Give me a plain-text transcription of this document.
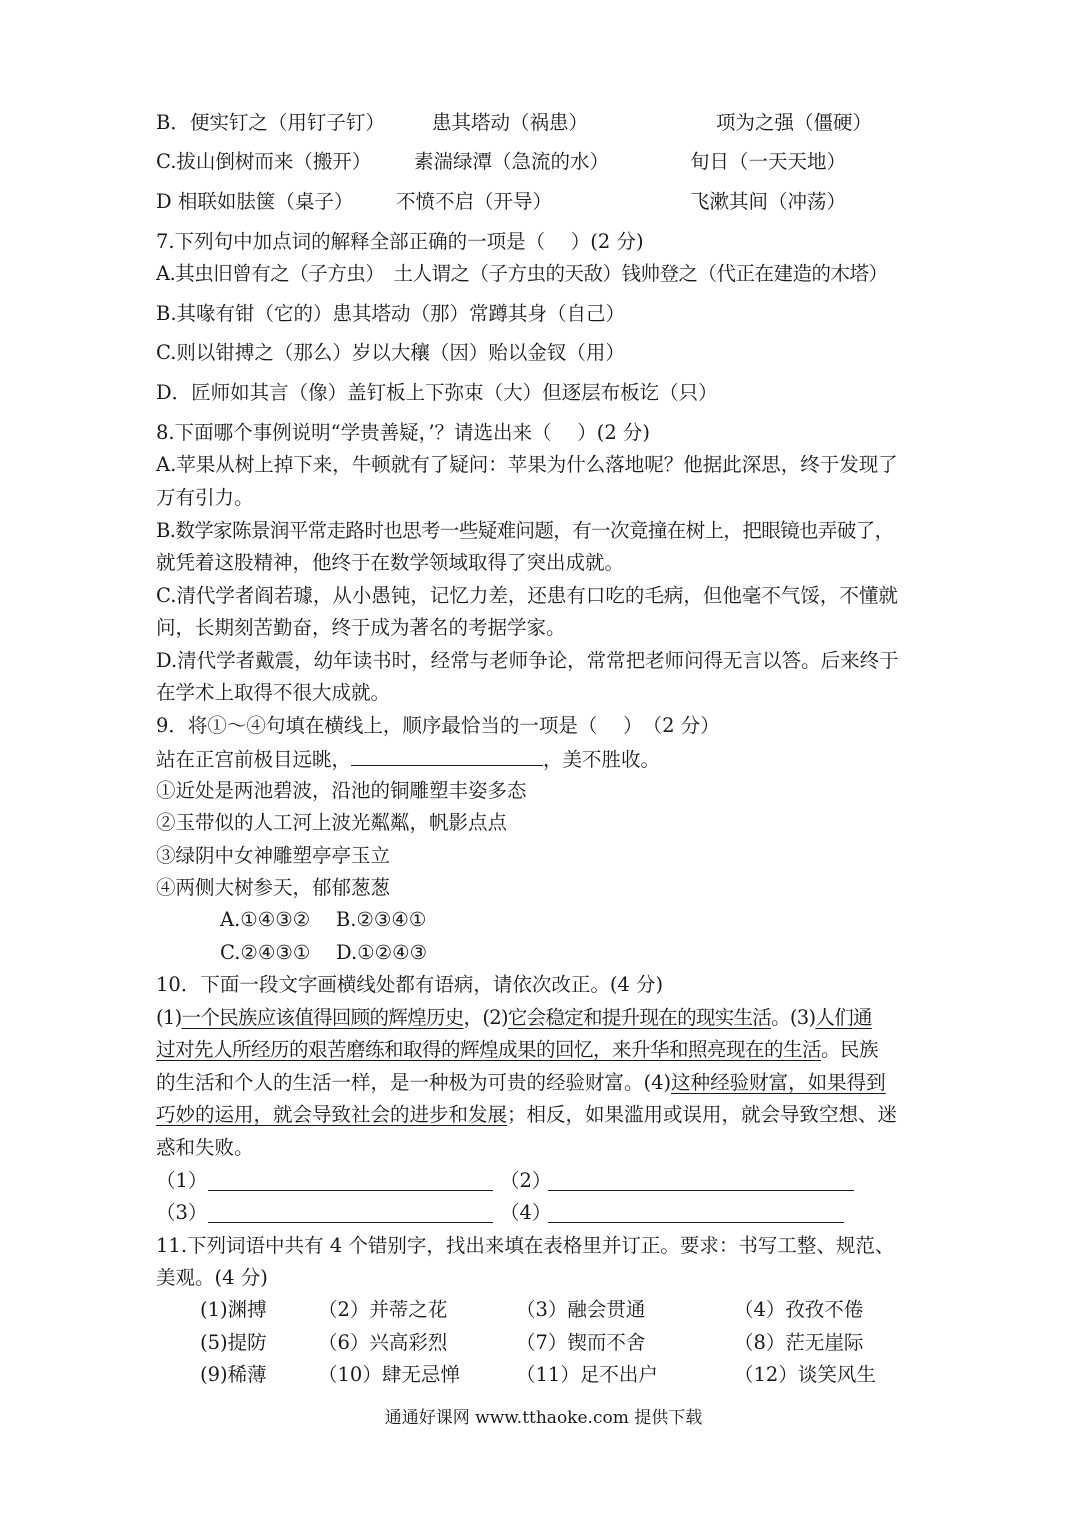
B．便实钉之（用钉子钉） 患其塔动（祸患）	项为之强（僵硬）
C.拔山倒树而来（搬开） 素湍绿潭（急流的水）	旬日（一天天地）
D 相联如胠箧（桌子） 不愤不启（开导）	飞漱其间（冲荡）
7.下列句中加点词的解释全部正确的一项是（　 ）(2 分)
A.其虫旧曾有之（子方虫）　土人谓之（子方虫的天敌）钱帅登之（代正在建造的木塔）
B.其喙有钳（它的）患其塔动（那）常蹲其身（自己）
C.则以钳搏之（那么）岁以大穰（因）贻以金钗（用）
D．匠师如其言（像）盖钉板上下弥束（大）但逐层布板讫（只）
8.下面哪个事例说明“学贵善疑，’？请选出来（　 ）(2 分)
A.苹果从树上掉下来，牛顿就有了疑问：苹果为什么落地呢？他据此深思，终于发现了
万有引力。
B.数学家陈景润平常走路时也思考一些疑难问题，有一次竟撞在树上，把眼镜也弄破了，
就凭着这股精神，他终于在数学领域取得了突出成就。
C.清代学者阎若璩，从小愚钝，记忆力差，还患有口吃的毛病，但他毫不气馁，不懂就
问，长期刻苦勤奋，终于成为著名的考据学家。
D.清代学者戴震，幼年读书时，经常与老师争论，常常把老师问得无言以答。后来终于
在学术上取得不很大成就。
9．将①～④句填在横线上，顺序最恰当的一项是（　 ）　（2 分）
站在正宫前极目远眺，	，美不胜收。
①近处是两池碧波，沿池的铜雕塑丰姿多态
②玉带似的人工河上波光粼粼，帆影点点
③绿阴中女神雕塑亭亭玉立
④两侧大树参天，郁郁葱葱
A.①④③②　 B.②③④①
C.②④③①　 D.①②④③
10．下面一段文字画横线处都有语病，请依次改正。(4 分)
(1)一个民族应该值得回顾的辉煌历史，(2)它会稳定和提升现在的现实生活。(3)人们通
过对先人所经历的艰苦磨练和取得的辉煌成果的回忆，来升华和照亮现在的生活。民族
的生活和个人的生活一样，是一种极为可贵的经验财富。(4)这种经验财富，如果得到
巧妙的运用，就会导致社会的进步和发展；相反，如果滥用或误用，就会导致空想、迷
惑和失败。
（1）	（2）
（3）	（4）
11.下列词语中共有 4 个错别字，找出来填在表格里并订正。要求：书写工整、规范、
美观。(4 分)
(1)渊搏	（2）并蒂之花	（3）融会贯通	（4）孜孜不倦
(5)提防	（6）兴高彩烈	（7）锲而不舍	（8）茫无崖际
(9)稀薄	（10）肆无忌惮	（11）足不出户	（12）谈笑风生
通通好课网 www.tthaoke.com 提供下载
